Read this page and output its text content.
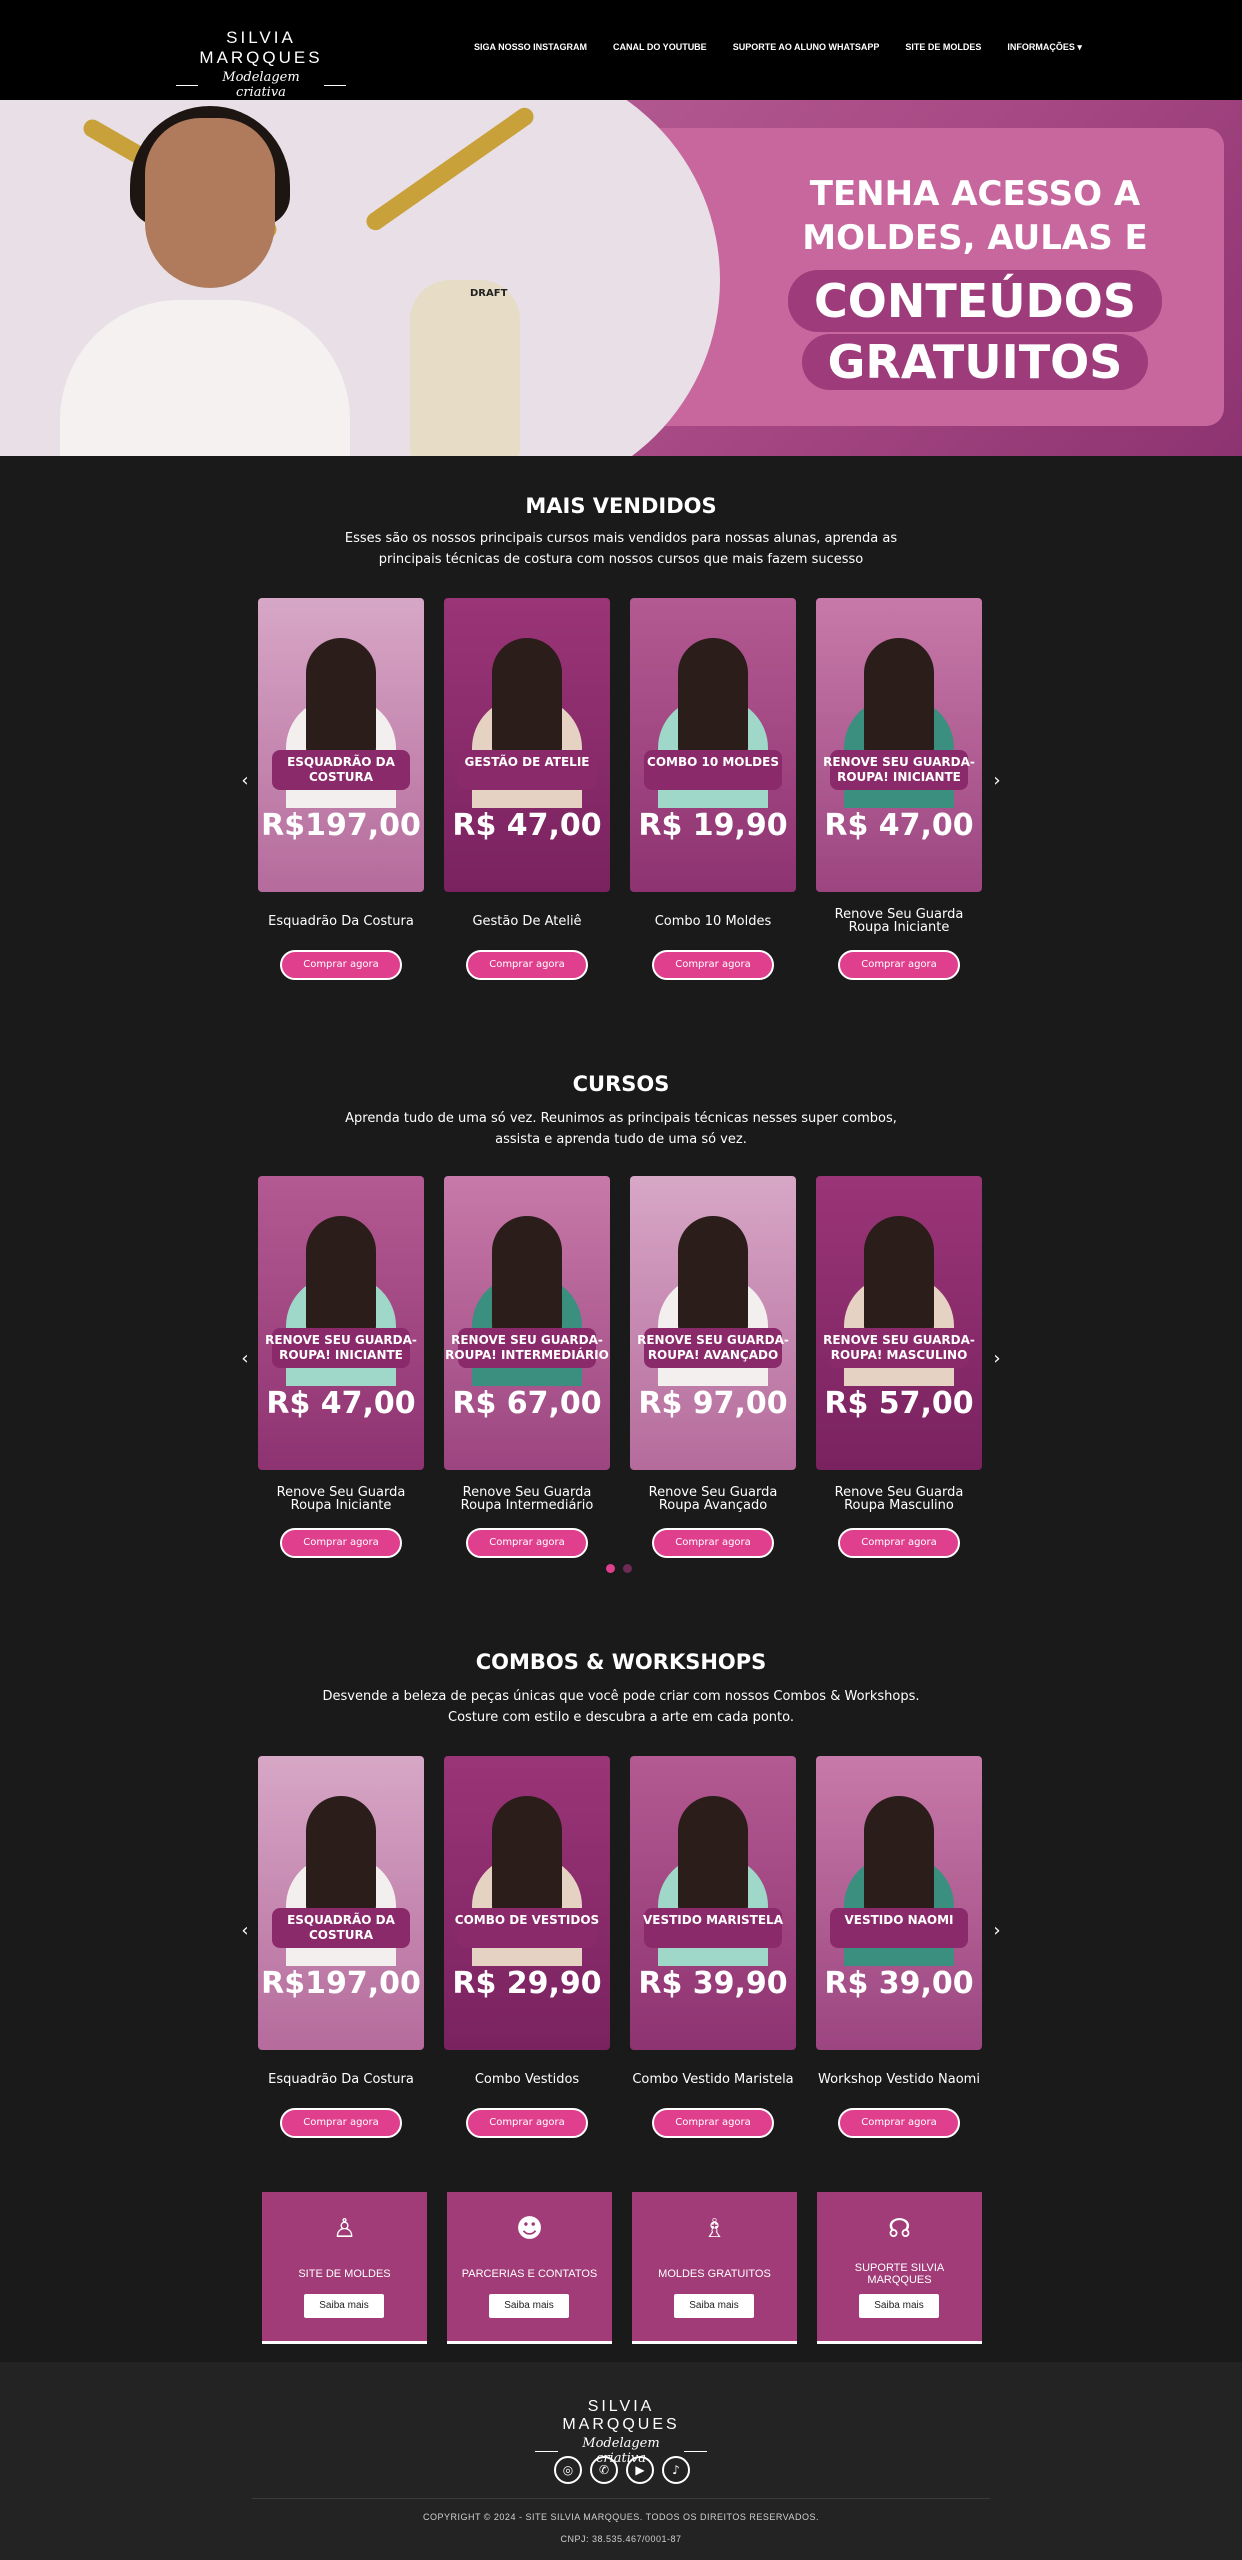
SILVIA MARQQUES
Modelagem criativa
SIGA NOSSO INSTAGRAM	CANAL DO YOUTUBE	SUPORTE AO ALUNO WHATSAPP	SITE DE MOLDES	INFORMAÇÕES ▾
DRAFT
TENHA ACESSO A
MOLDES, AULAS E
CONTEÚDOS
GRATUITOS
MAIS VENDIDOS
Esses são os nossos principais cursos mais vendidos para nossas alunas, aprenda as principais técnicas de costura com nossos cursos que mais fazem sucesso
‹	›
ESQUADRÃO DA COSTURA
R$197,00
Esquadrão Da Costura
Comprar agora
GESTÃO DE ATELIE
R$ 47,00
Gestão De Ateliê
Comprar agora
COMBO 10 MOLDES
R$ 19,90
Combo 10 Moldes
Comprar agora
RENOVE SEU GUARDA-ROUPA! INICIANTE
R$ 47,00
Renove Seu Guarda Roupa Iniciante
Comprar agora
CURSOS
Aprenda tudo de uma só vez. Reunimos as principais técnicas nesses super combos, assista e aprenda tudo de uma só vez.
‹	›
RENOVE SEU GUARDA-ROUPA! INICIANTE
R$ 47,00
Renove Seu Guarda Roupa Iniciante
Comprar agora
RENOVE SEU GUARDA-ROUPA! INTERMEDIÁRIO
R$ 67,00
Renove Seu Guarda Roupa Intermediário
Comprar agora
RENOVE SEU GUARDA-ROUPA! AVANÇADO
R$ 97,00
Renove Seu Guarda Roupa Avançado
Comprar agora
RENOVE SEU GUARDA-ROUPA! MASCULINO
R$ 57,00
Renove Seu Guarda Roupa Masculino
Comprar agora
COMBOS & WORKSHOPS
Desvende a beleza de peças únicas que você pode criar com nossos Combos & Workshops. Costure com estilo e descubra a arte em cada ponto.
‹	›
ESQUADRÃO DA COSTURA
R$197,00
Esquadrão Da Costura
Comprar agora
COMBO DE VESTIDOS
R$ 29,90
Combo Vestidos
Comprar agora
VESTIDO MARISTELA
R$ 39,90
Combo Vestido Maristela
Comprar agora
VESTIDO NAOMI
R$ 39,00
Workshop Vestido Naomi
Comprar agora
♙
SITE DE MOLDES
Saiba mais
☻
PARCERIAS E CONTATOS
Saiba mais
♗
MOLDES GRATUITOS
Saiba mais
☊
SUPORTE SILVIA MARQQUES
Saiba mais
SILVIA MARQQUES
Modelagem criativa
◎	✆	▶	♪
COPYRIGHT © 2024 - SITE SILVIA MARQQUES. TODOS OS DIREITOS RESERVADOS.
CNPJ: 38.535.467/0001-87
